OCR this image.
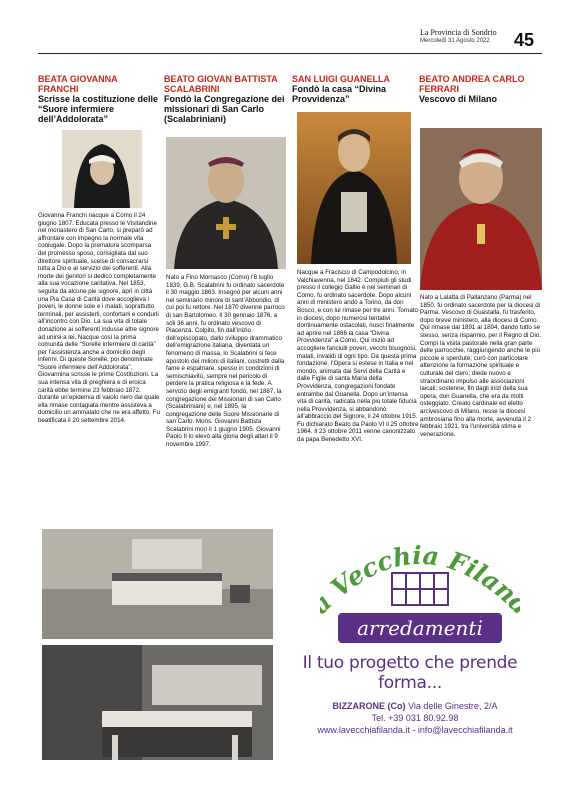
La Provincia di Sondrio
Mercoledì 31 Agosto 2022	45
BEATA GIOVANNA FRANCHI
Scrisse la costituzione delle “Suore infermiere dell’Addolorata”
Giovanna Franchi nacque a Como il 24 giugno 1807. Educata presso le Visitandine nel monastero di San Carlo, si preparò ad affrontare con impegno la normale vita coniugale. Dopo la prematura scomparsa del promesso sposo, consigliata dal suo direttore spirituale, scelse di consacrarsi tutta a Dio e al servizio dei sofferenti. Alla morte dei genitori si dedicò completamente alla sua vocazione caritativa. Nel 1853, seguita da alcune pie signore, aprì in città una Pia Casa di Carità dove accoglieva i poveri, le donne sole e i malati, soprattutto terminali, per assisterli, confortarli e condurli all’incontro con Dio. La sua vita di totale donazione ai sofferenti indusse altre signore ad unirsi a lei. Nacque così la prima comunità delle “Sorelle infermiere di carità” per l’assistenza anche a domicilio degli infermi. Di queste Sorelle, poi denominate “Suore infermiere dell’Addolorata”, Giovannina scrisse le prime Costituzioni. La sua intensa vita di preghiera e di eroica carità ebbe termine 23 febbraio 1872, durante un’epidemia di vaiolo nero dal quale ella rimase contagiata mentre assisteva a domicilio un ammalato che ne era affetto. Fu beatificata il 20 settembre 2014.
BEATO GIOVAN BATTISTA SCALABRINI
Fondò la Congregazione dei missionari di San Carlo (Scalabriniani)
Nato a Fino Mornasco (Como) l’8 luglio 1839, G.B. Scalabrini fu ordinato sacerdote il 30 maggio 1863. Insegnò per alcuni anni nel seminario minore di sant’Abbondio, di cui poi fu rettore. Nel 1870 divenne parroco di san Bartolomeo. Il 30 gennaio 1876, a soli 36 anni, fu ordinato vescovo di Piacenza. Colpito, fin dall’inizio dell’episcopato, dallo sviluppo drammatico dell’emigrazione italiana, diventata un fenomeno di massa, lo Scalabrini si fece apostolo dei milioni di italiani, costretti dalla fame e espatriare, spesso in condizioni di semischiavitù, sempre nel pericolo di perdere la pratica religiosa e la fede. A servizio degli emigranti fondò, nel 1887, la congregazione dei Missionari di san Carlo (Scalabriniani) e, nel 1895, la congregazione delle Suore Missionarie di san Carlo. Mons. Giovanni Battista Scalabrini morì il 1 giugno 1905. Giovanni Paolo II lo elevò alla gloria degli altari il 9 novembre 1997.
SAN LUIGI GUANELLA
Fondò la casa “Divina Provvidenza”
Nacque a Fraciscio di Campodolcino, in Valchiavenna, nel 1842. Compiuti gli studi presso il collegio Gallio e nei seminari di Como, fu ordinato sacerdote. Dopo alcuni anni di ministero andò a Torino, da don Bosco, e con lui rimase per tre anni. Tornato in diocesi, dopo numerosi tentativi dontinuamente ostacolati, riuscì finalmente ad aprire nel 1886 la casa “Divina Provvidenza” a Como. Qui iniziò ad accogliere fanciulli poveri, vecchi bisognosi, malati, invalidi di ogni tipo. Da questa prima fondazione, l’Opera si estese in Italia e nel mondo, animata dai Servi della Carità e dalle Figlie di santa Maria della Provvidenza, congregazioni fondate entrambe dal Guanella. Dopo un’intensa vita di carità, radicata nella più totale fiducia nella Provvidenza, si abbandonò all’abbraccio del Signore, il 24 ottobre 1915. Fu dichiarato Beato da Paolo VI il 25 ottobre 1964. Il 23 ottobre 2011 venne canonizzato da papa Benedetto XVI.
BEATO ANDREA CARLO FERRARI
Vescovo di Milano
Nato a Lalatta di Pallanzano (Parma) nel 1850, fu ordinato sacerdote per la diocesi di Parma. Vescovo di Guastalla, fu trasferito, dopo breve ministero, alla diocesi di Como. Qui rimase dal 1891 al 1894, dando tutto se stesso, senza risparmio, per il Regno di Dio. Compì la visita pastorale nella gran parte delle parrocchie, raggiungendo anche le più piccole e sperdute; curò con particolare attenzione la formazione spirituale e culturale del clero; diede nuovo e straordinario impulso alle associazioni laicali; sostenne, fin dagli inizi della sua opera, don Guanella, che era da molti osteggiato. Creato cardinale ed eletto arcivescovo di Milano, resse la diocesi ambrosiana fino alla morte, avvenuta il 2 febbraio 1921, tra l’università stima e venerazione.
Vecchia Filan
arredamenti
Il tuo progetto che prende forma...
BIZZARONE (Co) Via delle Ginestre, 2/A
Tel. +39 031 80.92.98
www.lavecchiafilanda.it - info@lavecchiafilanda.it
